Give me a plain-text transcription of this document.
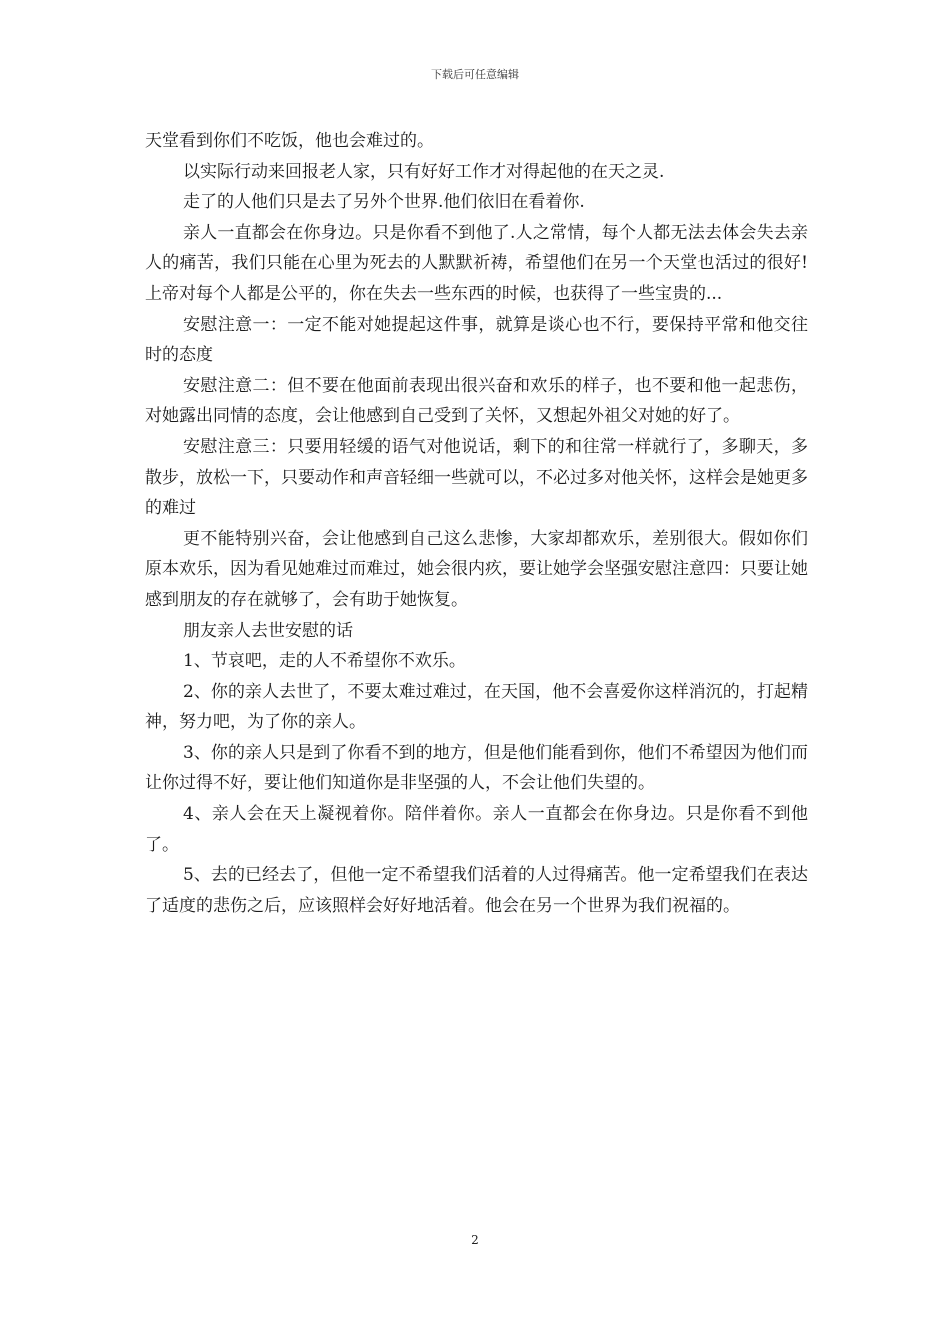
下载后可任意编辑

天堂看到你们不吃饭，他也会难过的。

以实际行动来回报老人家，只有好好工作才对得起他的在天之灵.

走了的人他们只是去了另外个世界.他们依旧在看着你.

亲人一直都会在你身边。只是你看不到他了.人之常情，每个人都无法去体会失去亲人的痛苦，我们只能在心里为死去的人默默祈祷，希望他们在另一个天堂也活过的很好!上帝对每个人都是公平的，你在失去一些东西的时候，也获得了一些宝贵的...

安慰注意一：一定不能对她提起这件事，就算是谈心也不行，要保持平常和他交往时的态度

安慰注意二：但不要在他面前表现出很兴奋和欢乐的样子，也不要和他一起悲伤，对她露出同情的态度，会让他感到自己受到了关怀，又想起外祖父对她的好了。

安慰注意三：只要用轻缓的语气对他说话，剩下的和往常一样就行了，多聊天，多散步，放松一下，只要动作和声音轻细一些就可以，不必过多对他关怀，这样会是她更多的难过

更不能特别兴奋，会让他感到自己这么悲惨，大家却都欢乐，差别很大。假如你们原本欢乐，因为看见她难过而难过，她会很内疚，要让她学会坚强安慰注意四：只要让她感到朋友的存在就够了，会有助于她恢复。

朋友亲人去世安慰的话

1、节哀吧，走的人不希望你不欢乐。

2、你的亲人去世了，不要太难过难过，在天国，他不会喜爱你这样消沉的，打起精神，努力吧，为了你的亲人。

3、你的亲人只是到了你看不到的地方，但是他们能看到你，他们不希望因为他们而让你过得不好，要让他们知道你是非坚强的人，不会让他们失望的。

4、亲人会在天上凝视着你。陪伴着你。亲人一直都会在你身边。只是你看不到他了。

5、去的已经去了，但他一定不希望我们活着的人过得痛苦。他一定希望我们在表达了适度的悲伤之后，应该照样会好好地活着。他会在另一个世界为我们祝福的。

2
